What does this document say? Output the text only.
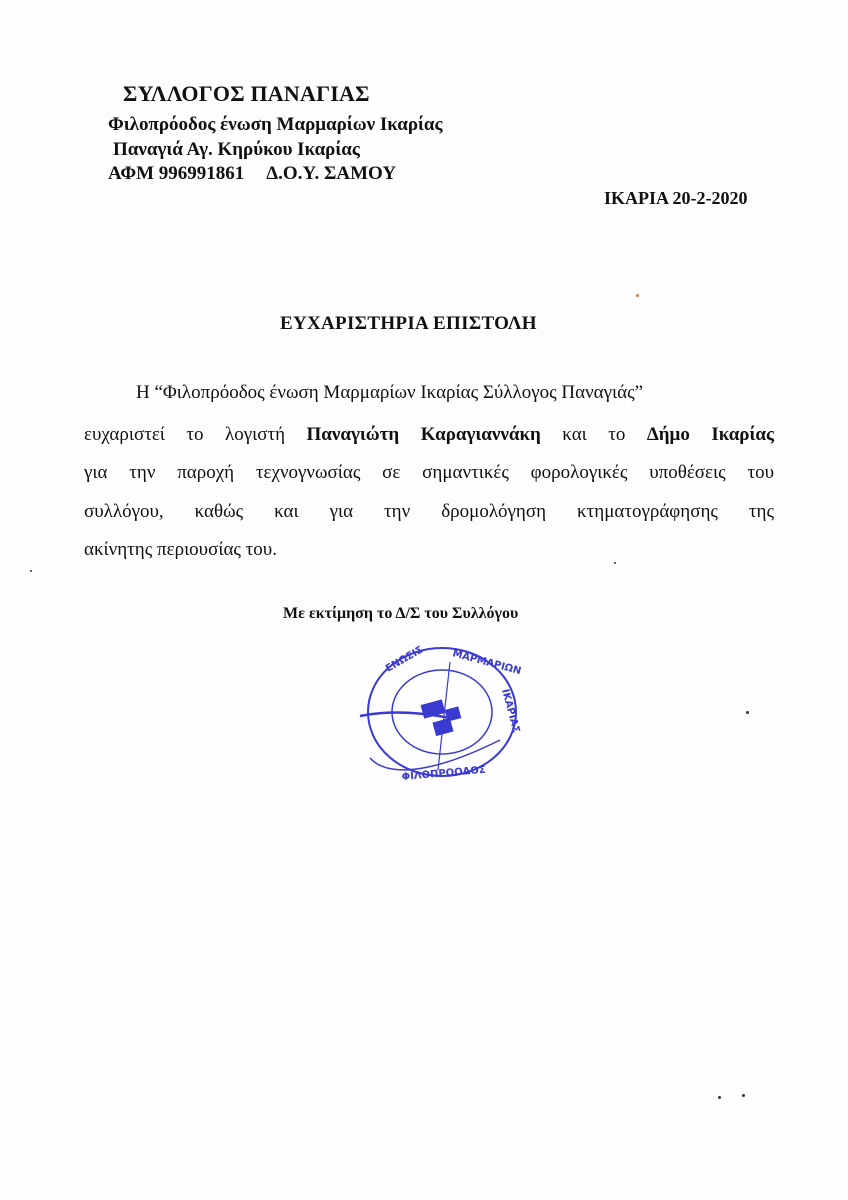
ΣΥΛΛΟΓΟΣ ΠΑΝΑΓΙΑΣ
Φιλοπρόοδος ένωση Μαρμαρίων Ικαρίας
Παναγιά Αγ. Κηρύκου Ικαρίας
ΑΦΜ 996991861 Δ.Ο.Υ. ΣΑΜΟΥ
ΙΚΑΡΙΑ 20-2-2020
ΕΥΧΑΡΙΣΤΗΡΙΑ ΕΠΙΣΤΟΛΗ
Η “Φιλοπρόοδος ένωση Μαρμαρίων Ικαρίας Σύλλογος Παναγιάς”
ευχαριστεί το λογιστή Παναγιώτη Καραγιαννάκη και το Δήμο Ικαρίας
για την παροχή τεχνογνωσίας σε σημαντικές φορολογικές υποθέσεις του
συλλόγου, καθώς και για την δρομολόγηση κτηματογράφησης της
ακίνητης περιουσίας του.
Με εκτίμηση το Δ/Σ του Συλλόγου
ΕΝΩΣΙΣ	ΜΑΡΜΑΡΙΩΝ
ΙΚΑΡΙΑΣ
ΦΙΛΟΠΡΟΟΔΟΣ
